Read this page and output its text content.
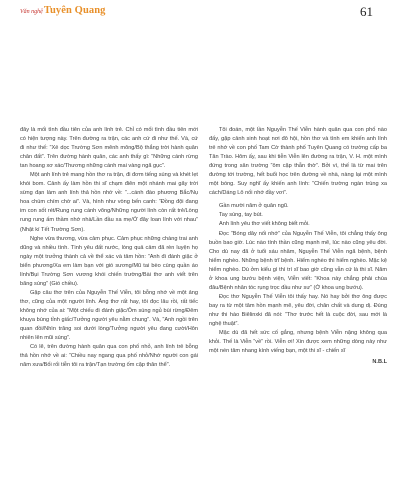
Văn nghệ Tuyên Quang	61

đây là mối tình đầu tiên của anh lính trẻ. Chỉ có mối tình đầu tiên mới có hiện tượng này. Trên đường ra trận, các anh cứ đi như thế. Và, cứ đi như thế: “Xẻ dọc Trường Sơn mênh mông/Bộ thắng trời hành quân chân đất”. Trên đường hành quân, các anh thấy gì: “Những cánh rừng tan hoang xơ xác/Thương những cánh mai vàng ngã gục”.

Một anh lính trẻ mang hồn thơ ra trận, đi đơm tiếng súng và khét lẹt khói bom. Cảnh ấy làm hồn thi sĩ chạm điên một nhánh mai gãy trời sừng đạn làm anh lính thả hồn nhớ về: “...cánh đào phương Bắc/Nụ hoa chúm chím chờ ai”. Và, hình như vòng bến canh: “Đồng đội đang im con sốt rét/Rung rung cánh võng/Những người lính còn rất trẻ/Lòng rung rung ấm thầm nhớ nhà/Lần đầu xa mẹ/Ở đây loan lính với nhau” (Nhật kí Tết Trường Sơn).

Nghe vừa thương, vừa cảm phục. Cảm phục những chàng trai anh dũng và nhiều tình. Tình yêu đất nước, lòng quả cảm đã rèn luyện họ ngày một trưởng thành cả về thể xác và tâm hồn: “Anh đi đánh giặc ở biển phương/Xa em làm bạn với gió sương/Mũ tai bèo cùng quần áo lính/Bụi Trường Sơn vương khói chiến trường/Bài thơ anh viết trên bãng súng” (Gió chiều).

Gặp câu thơ trên của Nguyễn Thế Viễn, tôi bỗng nhớ về một ảng thơ, cũng của một người lính. Ảng thơ rất hay, tôi đọc lâu rồi, rất tiếc không nhớ của ai: “Một chiếu đi đánh giặc/Ôm súng ngủ bùi rừng/Đêm khuya bùng tỉnh giấc/Tưởng người yêu nằm chung”. Và, “Anh ngồi trên quan đồi/Nhìn trăng soi dưới lòng/Tưởng người yêu đang cười/Hôn nhiên lên mũi súng”.

Có lẽ, trên đường hành quân qua con phố nhỏ, anh lính trẻ bỗng thả hồn nhớ về ai: “Chiều nay ngang qua phố nhỏ/Nhớ người con gái năm xưa/Bối rối tiễn tôi ra trận/Tạn trường ốm cặp thân thể”.

Tôi đoán, một lần Nguyễn Thế Viễn hành quân qua con phố nào đấy, gặp cảnh sinh hoạt nơi đô hội, hồn thơ và tình em khiến anh lính trẻ nhớ về con phố Tam Cờ thành phố Tuyên Quang có trường cấp ba Tân Trào. Hôm ấy, sau khi tiễn Viễn lên đường ra trận, V. H. một mình đứng trong sân trường “ôm cặp thẫn thờ”. Bởi vì, thế là từ mai trên đường tới trường, hết buổi học trên đường về nhà, nàng lại một mình một bóng. Suy nghĩ ấy khiến anh lính: “Chiến trường ngàn trùng xa cách/Dáng Lô nối nhớ đầy vơi”.

Gần mười năm ở quân ngũ.

Tay súng, tay bút.

Anh lính yêu thơ viết không biết mỏi.

Đọc “Bóng dây nối nhớ” của Nguyễn Thế Viễn, tôi chẳng thấy ông buồn bao giờ. Lúc nào tính thần cũng mạnh mẽ, lúc nào cũng yêu đời. Cho dù nay đã ở tuổi sáu nhăm, Nguyễn Thế Viễn ngã bệnh, bệnh hiểm nghèo. Những bệnh trĩ bệnh. Hiểm nghèo thì hiểm nghèo. Mặc kệ hiểm nghèo. Dù ởm kiểu gì thì trí sĩ bao giờ cũng vẫn cứ là thi sĩ. Năm ở khoa ung bướu bệnh viện, Viễn viết: “Khoa này chẳng phải chùa đâu/Bệnh nhân tóc rụng trọc đầu như sư” (Ở khoa ung bướu).

Đọc thơ Nguyễn Thế Viễn tôi thấy hay. Nó hay bởi thơ ông được bay ra từ một tâm hồn mạnh mẽ, yêu đời, chân chất và dung dị. Đúng như thi hào Biêlinxki đã nói: “Thơ trước hết là cuộc đời, sau mới là nghệ thuật”.

Mặc dù đã hết sức cố gắng, nhưng bệnh Viễn nặng không qua khỏi. Thế là Viễn “về” rồi. Viễn ơi! Xin được xem những dòng này như một nén tâm nhang kính viếng bạn, một thi sĩ - chiến sĩ

N.B.L
